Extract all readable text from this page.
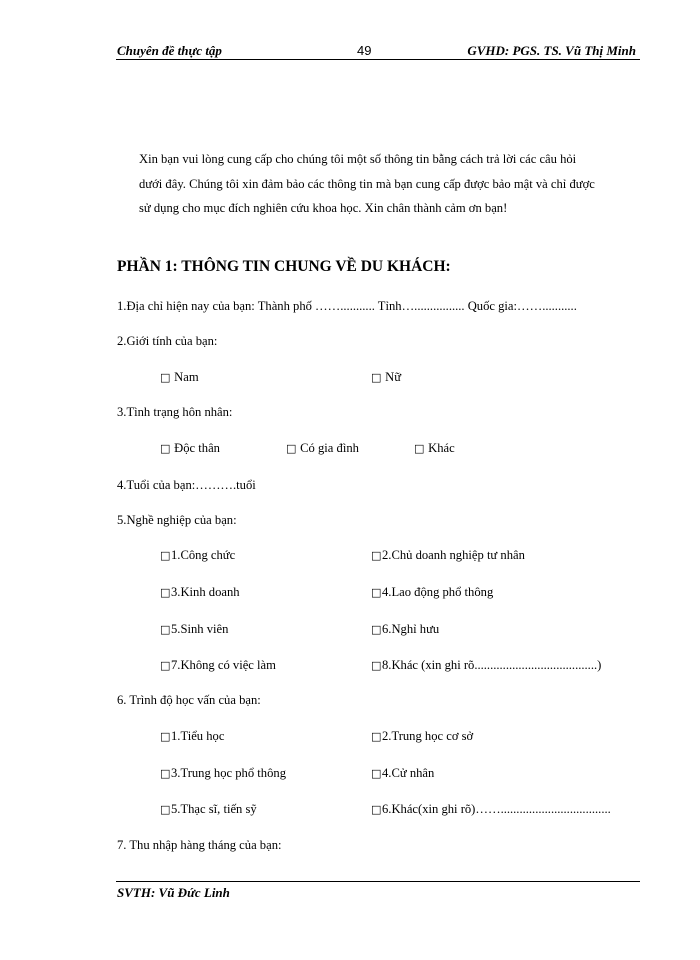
Chuyên đề thực tập	49	GVHD: PGS. TS. Vũ Thị Minh
Xin bạn vui lòng cung cấp cho chúng tôi một số thông tin bằng cách trả lời các câu hỏi
dưới đây. Chúng tôi xin đảm bảo các thông tin mà bạn cung cấp được bảo mật và chỉ được
sử dụng cho mục đích nghiên cứu khoa học. Xin chân thành cảm ơn bạn!
PHẦN 1: THÔNG TIN CHUNG VỀ DU KHÁCH:
1.Địa chỉ hiện nay của bạn: Thành phố ……........... Tỉnh…................ Quốc gia:……...........
2.Giới tính của bạn:
□ Nam	□ Nữ
3.Tình trạng hôn nhân:
□ Độc thân	□ Có gia đình	□ Khác
4.Tuổi của bạn:……….tuổi
5.Nghề nghiệp của bạn:
□1.Công chức	□2.Chủ doanh nghiệp tư nhân
□3.Kinh doanh	□4.Lao động phổ thông
□5.Sinh viên	□6.Nghỉ hưu
□7.Không có việc làm	□8.Khác (xin ghi rõ.......................................)
6. Trình độ học vấn của bạn:
□1.Tiểu học	□2.Trung học cơ sở
□3.Trung học phổ thông	□4.Cử nhân
□5.Thạc sĩ, tiến sỹ	□6.Khác(xin ghi rõ)……...................................
7. Thu nhập hàng tháng của bạn:
SVTH: Vũ Đức Linh
